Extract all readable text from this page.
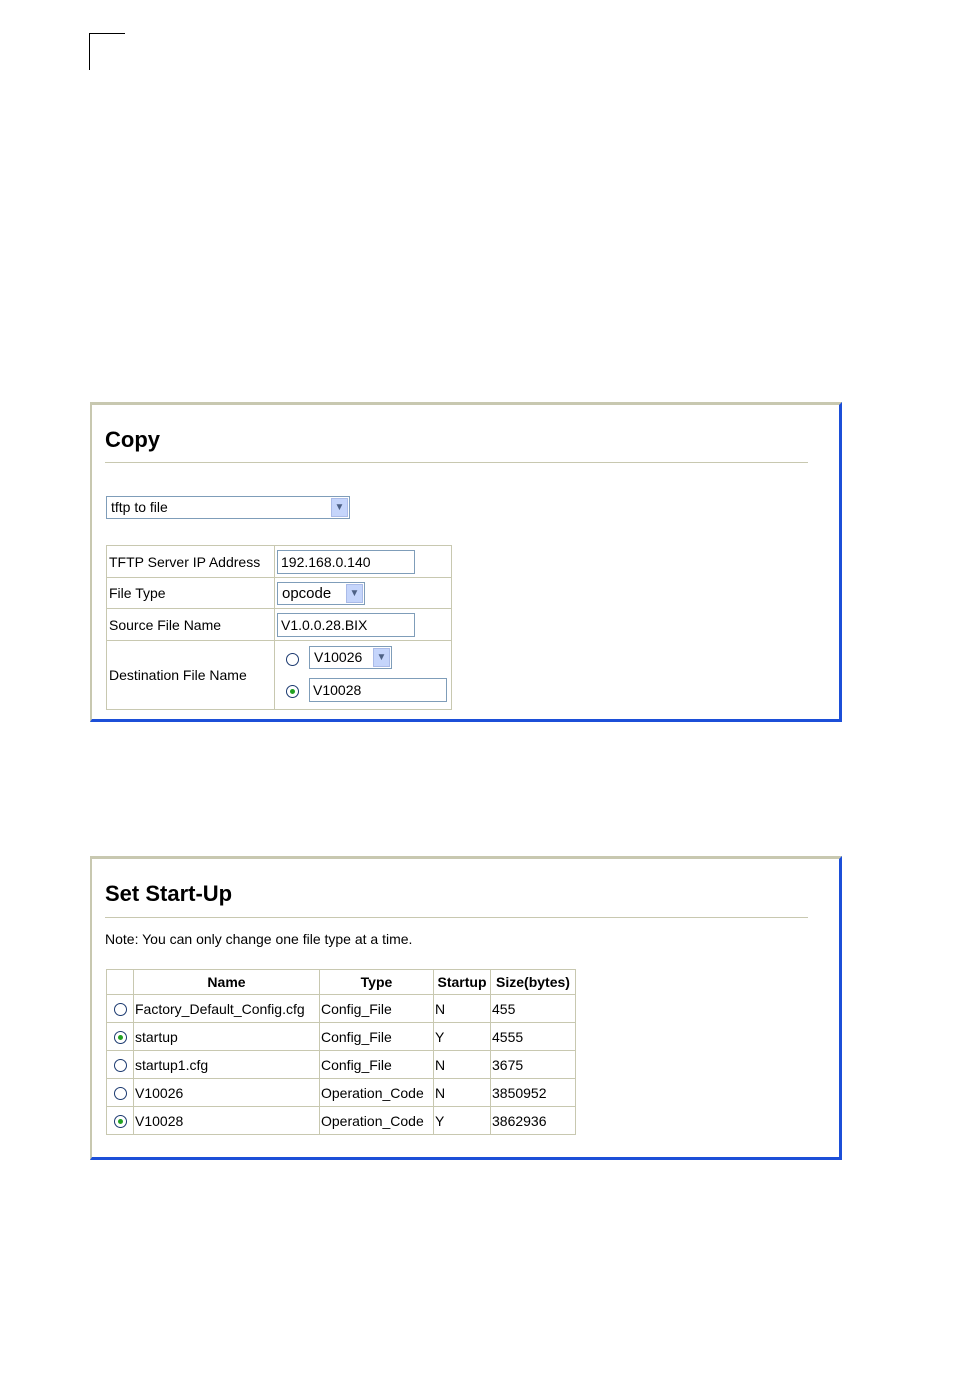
Copy
tftp to file	▼
TFTP Server IP Address	192.168.0.140

File Type	opcode ▼

Source File Name	V1.0.0.28.BIX

Destination File Name	V10026 ▼
V10028
Set Start-Up
Note: You can only change one file type at a time.
	Name	Type	Startup	Size(bytes)
	Factory_Default_Config.cfg	Config_File	N	455
	startup	Config_File	Y	4555
	startup1.cfg	Config_File	N	3675
	V10026	Operation_Code	N	3850952
	V10028	Operation_Code	Y	3862936
